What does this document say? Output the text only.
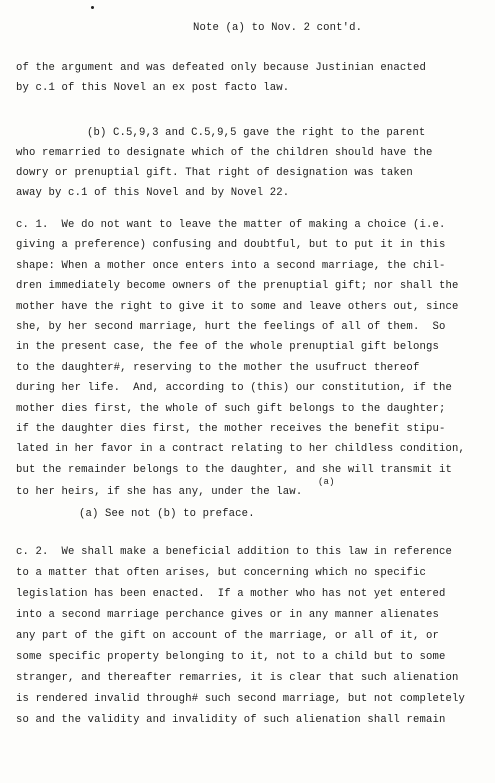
Note (a) to Nov. 2 cont'd.
of the argument and was defeated only because Justinian enacted
by c.1 of this Novel an ex post facto law.
(b) C.5,9,3 and C.5,9,5 gave the right to the parent
who remarried to designate which of the children should have the
dowry or prenuptial gift. That right of designation was taken
away by c.1 of this Novel and by Novel 22.
c. 1.  We do not want to leave the matter of making a choice (i.e.
giving a preference) confusing and doubtful, but to put it in this
shape: When a mother once enters into a second marriage, the chil-
dren immediately become owners of the prenuptial gift; nor shall the
mother have the right to give it to some and leave others out, since
she, by her second marriage, hurt the feelings of all of them.  So
in the present case, the fee of the whole prenuptial gift belongs
to the daughter#, reserving to the mother the usufruct thereof
during her life.  And, according to (this) our constitution, if the
mother dies first, the whole of such gift belongs to the daughter;
if the daughter dies first, the mother receives the benefit stipu-
lated in her favor in a contract relating to her childless condition,
but the remainder belongs to the daughter, and she will transmit it
(a)
to her heirs, if she has any, under the law.
(a) See not (b) to preface.
c. 2.  We shall make a beneficial addition to this law in reference
to a matter that often arises, but concerning which no specific
legislation has been enacted.  If a mother who has not yet entered
into a second marriage perchance gives or in any manner alienates
any part of the gift on account of the marriage, or all of it, or
some specific property belonging to it, not to a child but to some
stranger, and thereafter remarries, it is clear that such alienation
is rendered invalid through# such second marriage, but not completely
so and the validity and invalidity of such alienation shall remain
